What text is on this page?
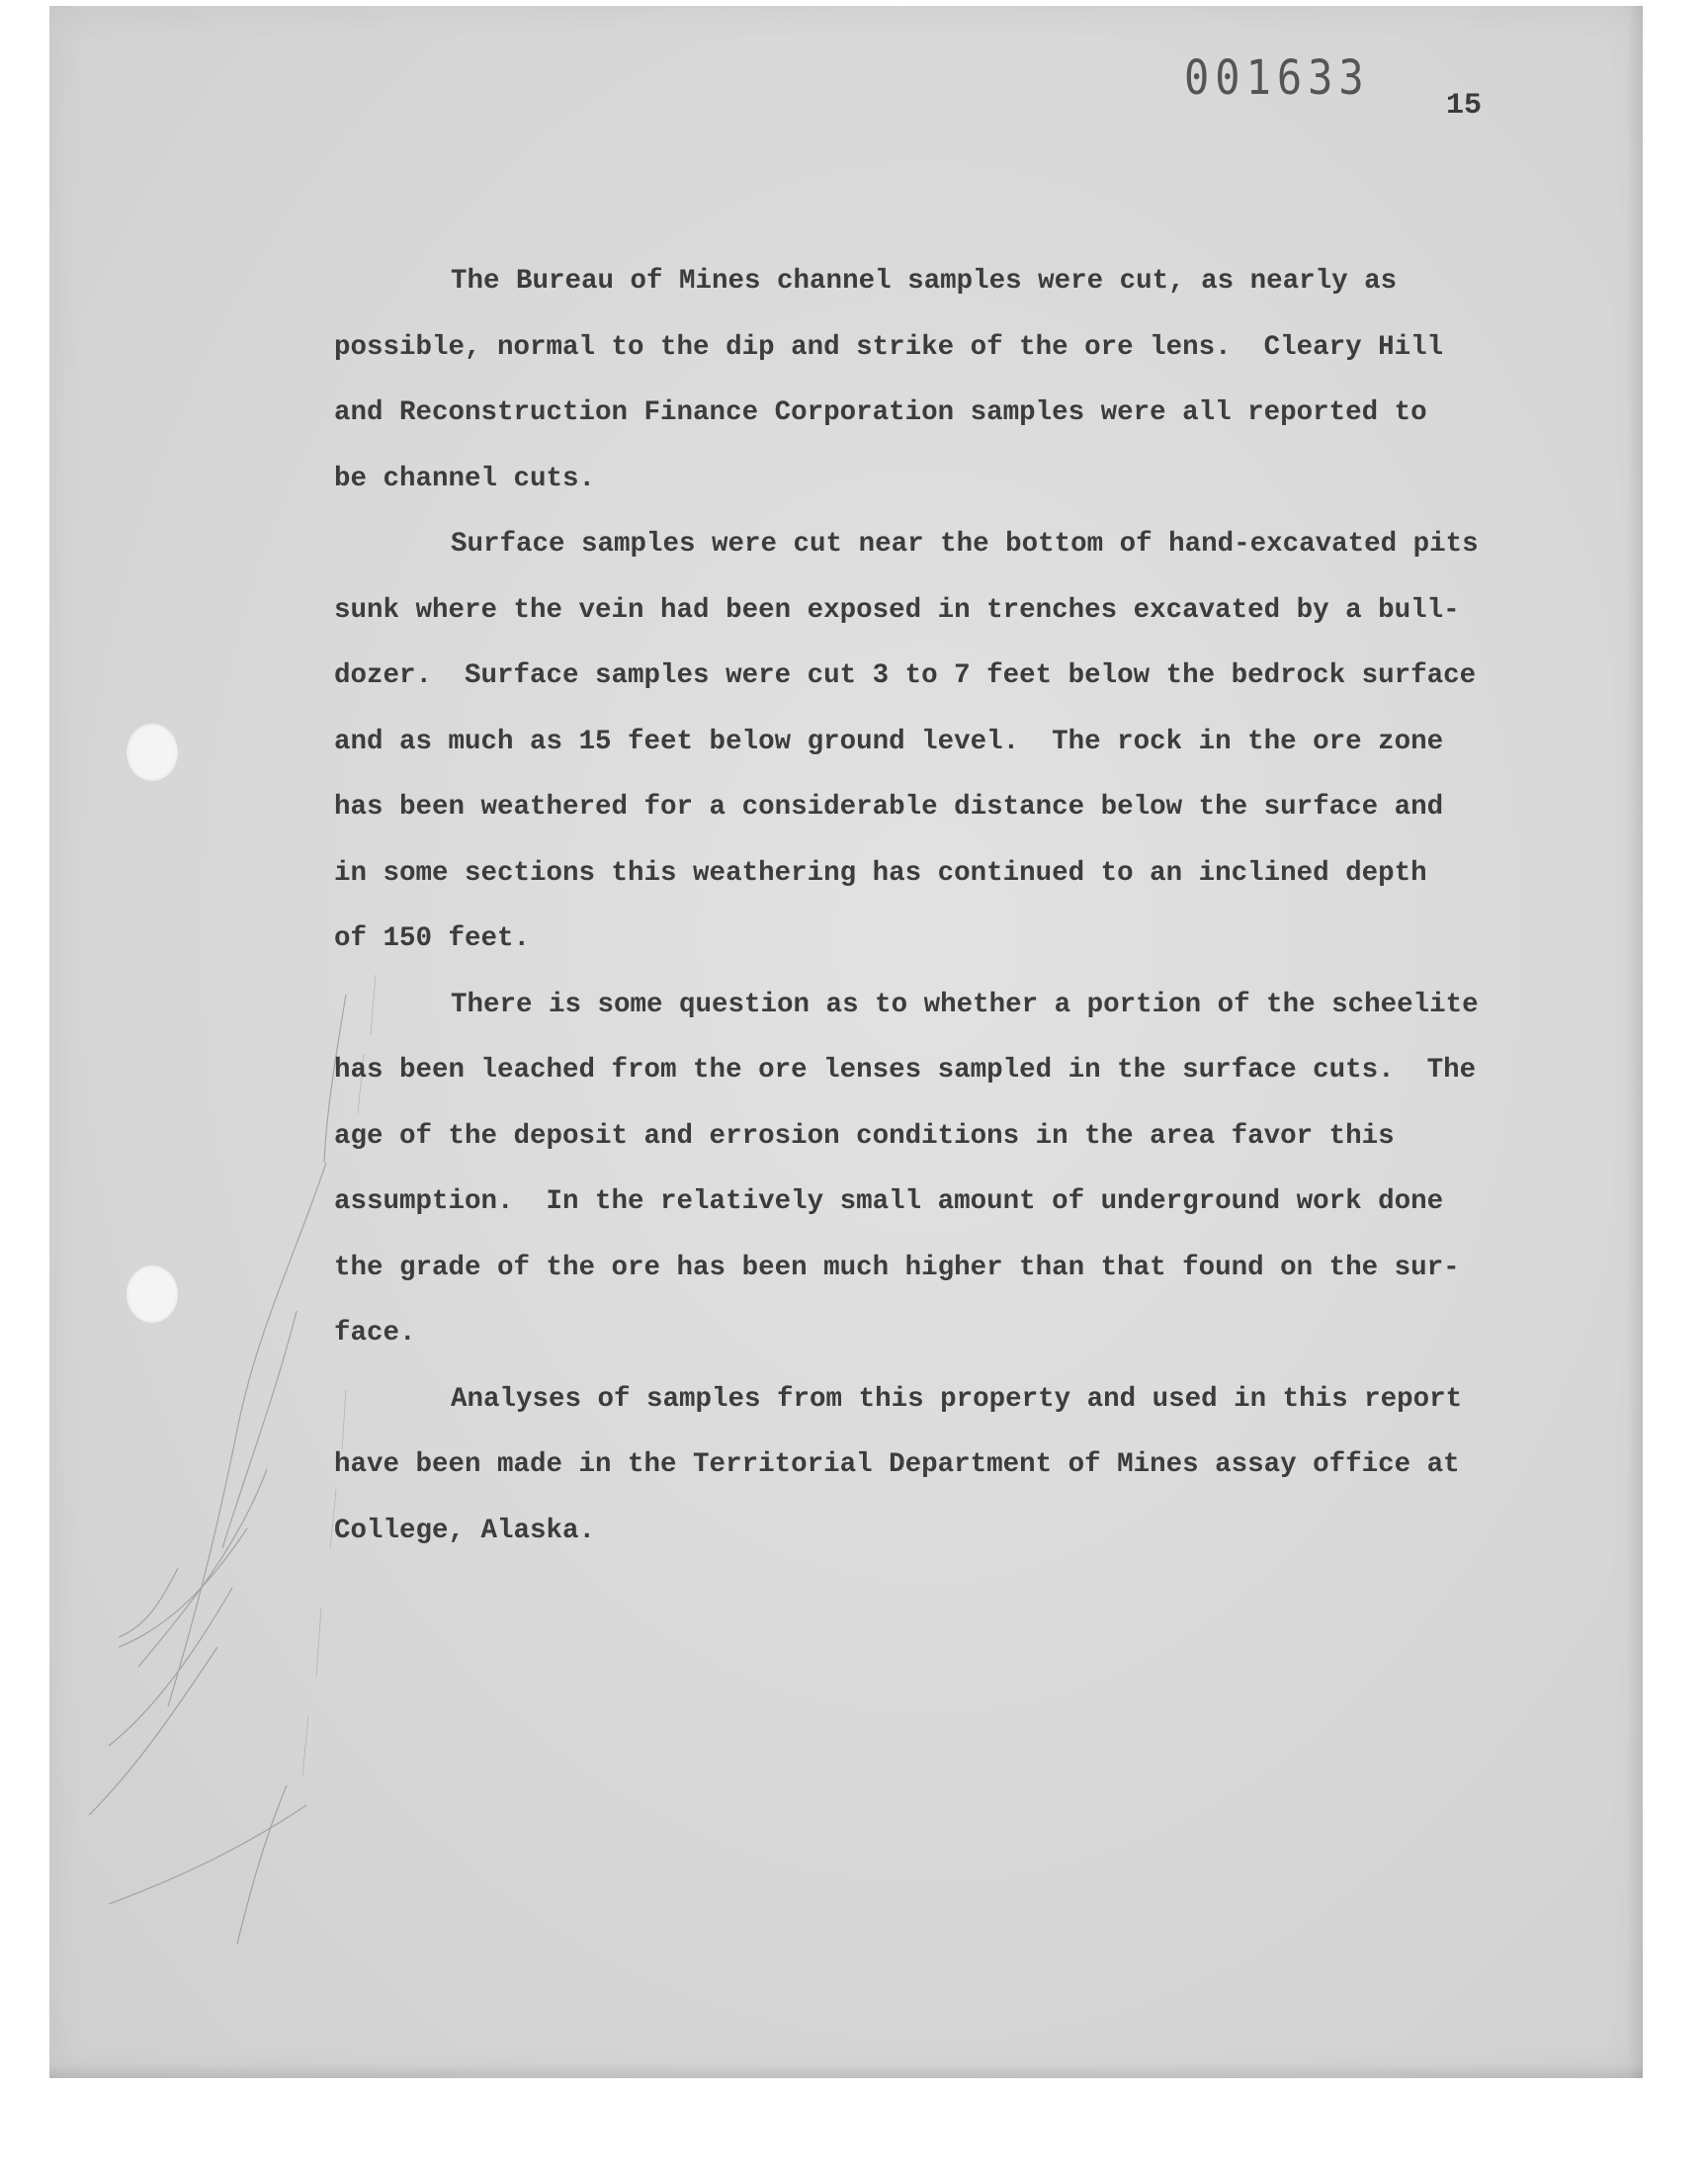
001633
15

The Bureau of Mines channel samples were cut, as nearly as
possible, normal to the dip and strike of the ore lens.  Cleary Hill
and Reconstruction Finance Corporation samples were all reported to
be channel cuts.

Surface samples were cut near the bottom of hand-excavated pits
sunk where the vein had been exposed in trenches excavated by a bull-
dozer.  Surface samples were cut 3 to 7 feet below the bedrock surface
and as much as 15 feet below ground level.  The rock in the ore zone
has been weathered for a considerable distance below the surface and
in some sections this weathering has continued to an inclined depth
of 150 feet.

There is some question as to whether a portion of the scheelite
has been leached from the ore lenses sampled in the surface cuts.  The
age of the deposit and errosion conditions in the area favor this
assumption.  In the relatively small amount of underground work done
the grade of the ore has been much higher than that found on the sur-
face.

Analyses of samples from this property and used in this report
have been made in the Territorial Department of Mines assay office at
College, Alaska.
